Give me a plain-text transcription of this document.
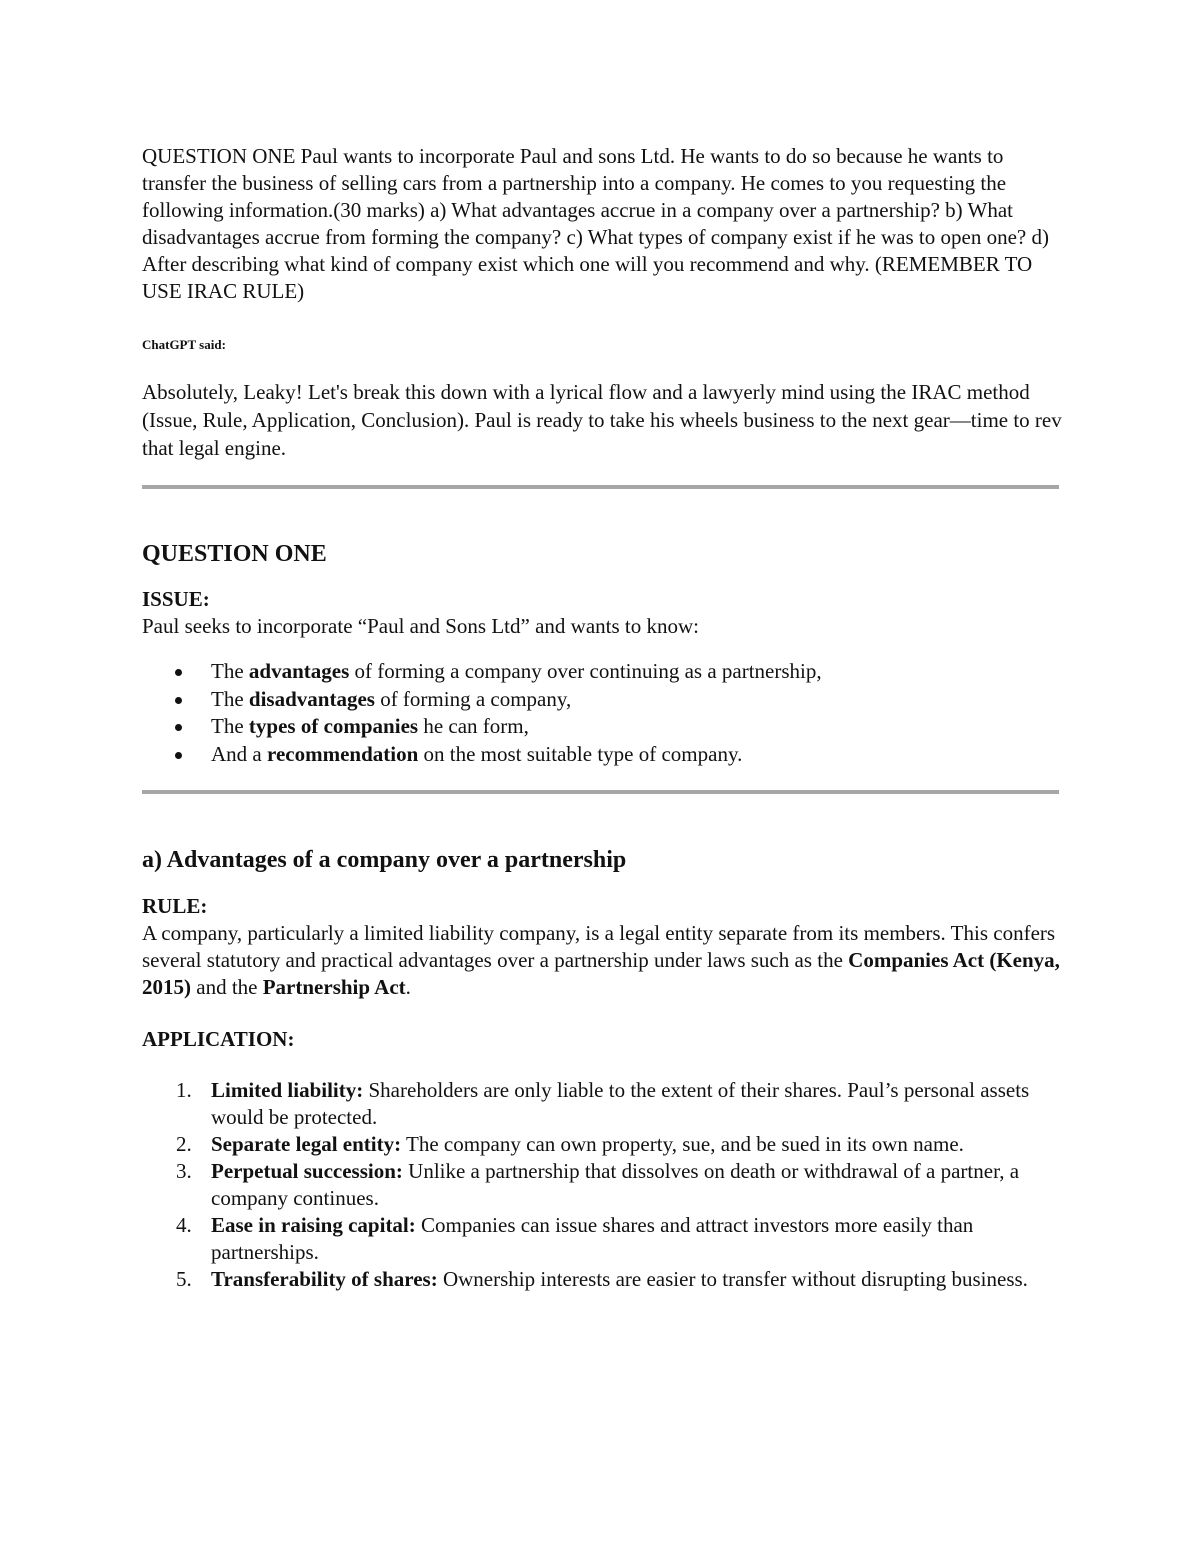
QUESTION ONE Paul wants to incorporate Paul and sons Ltd. He wants to do so because he wants to transfer the business of selling cars from a partnership into a company. He comes to you requesting the following information.(30 marks) a) What advantages accrue in a company over a partnership? b) What disadvantages accrue from forming the company? c) What types of company exist if he was to open one? d) After describing what kind of company exist which one will you recommend and why. (REMEMBER TO USE IRAC RULE)

ChatGPT said:

Absolutely, Leaky! Let's break this down with a lyrical flow and a lawyerly mind using the IRAC method (Issue, Rule, Application, Conclusion). Paul is ready to take his wheels business to the next gear—time to rev that legal engine.

QUESTION ONE

ISSUE:

Paul seeks to incorporate “Paul and Sons Ltd” and wants to know:

The advantages of forming a company over continuing as a partnership,
The disadvantages of forming a company,
The types of companies he can form,
And a recommendation on the most suitable type of company.
a) Advantages of a company over a partnership

RULE:

A company, particularly a limited liability company, is a legal entity separate from its members. This confers several statutory and practical advantages over a partnership under laws such as the Companies Act (Kenya, 2015) and the Partnership Act.

APPLICATION:

1. Limited liability: Shareholders are only liable to the extent of their shares. Paul’s personal assets would be protected.
2. Separate legal entity: The company can own property, sue, and be sued in its own name.
3. Perpetual succession: Unlike a partnership that dissolves on death or withdrawal of a partner, a company continues.
4. Ease in raising capital: Companies can issue shares and attract investors more easily than partnerships.
5. Transferability of shares: Ownership interests are easier to transfer without disrupting business.
